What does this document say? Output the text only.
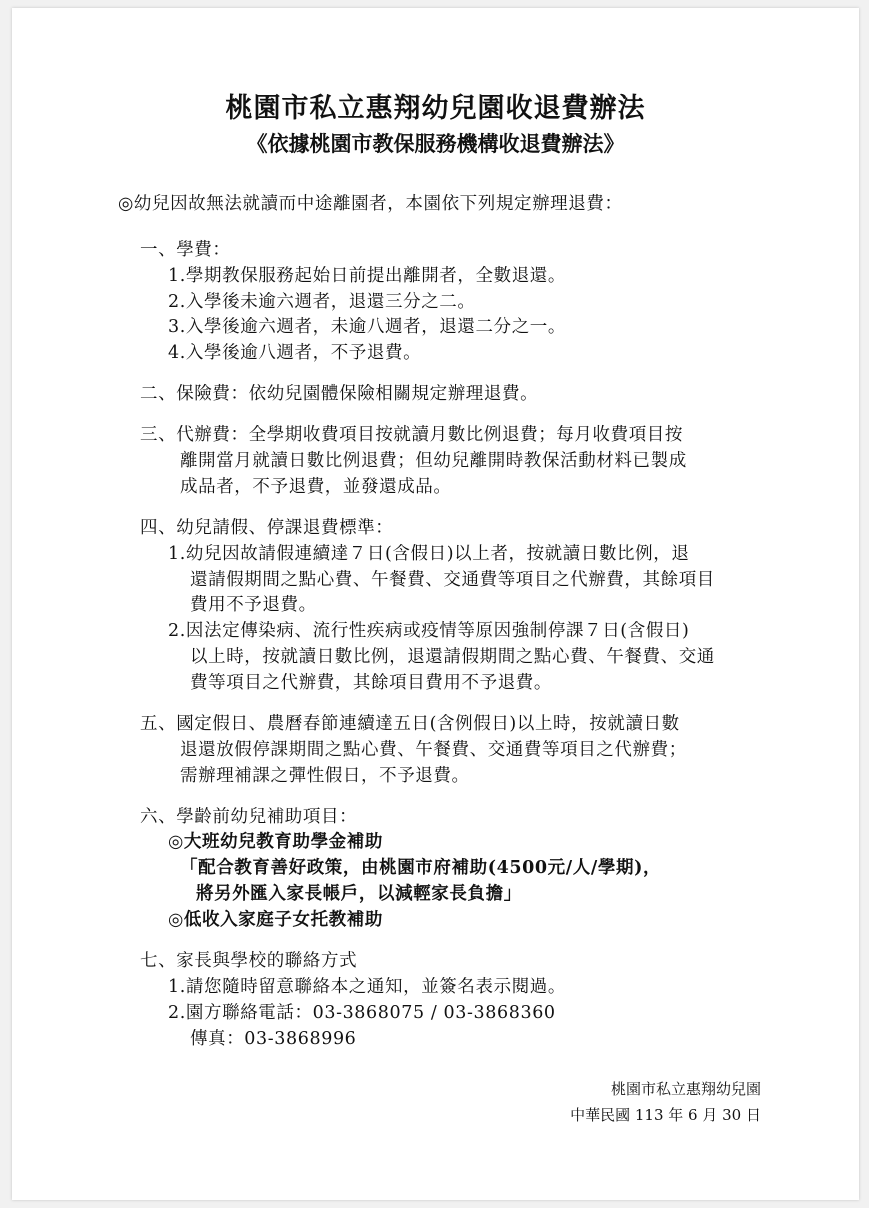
桃園市私立惠翔幼兒園收退費辦法
《依據桃園市教保服務機構收退費辦法》
◎幼兒因故無法就讀而中途離園者，本園依下列規定辦理退費：
一、學費：
1.學期教保服務起始日前提出離開者，全數退還。
2.入學後未逾六週者，退還三分之二。
3.入學後逾六週者，未逾八週者，退還二分之一。
4.入學後逾八週者，不予退費。
二、保險費：依幼兒園體保險相關規定辦理退費。
三、代辦費：全學期收費項目按就讀月數比例退費；每月收費項目按
離開當月就讀日數比例退費；但幼兒離開時教保活動材料已製成
成品者，不予退費，並發還成品。
四、幼兒請假、停課退費標準：
1.幼兒因故請假連續達７日(含假日)以上者，按就讀日數比例，退
還請假期間之點心費、午餐費、交通費等項目之代辦費，其餘項目
費用不予退費。
2.因法定傳染病、流行性疾病或疫情等原因強制停課７日(含假日)
以上時，按就讀日數比例，退還請假期間之點心費、午餐費、交通
費等項目之代辦費，其餘項目費用不予退費。
五、國定假日、農曆春節連續達五日(含例假日)以上時，按就讀日數
退還放假停課期間之點心費、午餐費、交通費等項目之代辦費；
需辦理補課之彈性假日，不予退費。
六、學齡前幼兒補助項目：
◎大班幼兒教育助學金補助
「配合教育善好政策，由桃園市府補助(4500元/人/學期)，
將另外匯入家長帳戶，以減輕家長負擔」
◎低收入家庭子女托教補助
七、家長與學校的聯絡方式
1.請您隨時留意聯絡本之通知，並簽名表示閱過。
2.園方聯絡電話：03-3868075 / 03-3868360
傳真：03-3868996
桃園市私立惠翔幼兒園
中華民國 113 年 6 月 30 日
